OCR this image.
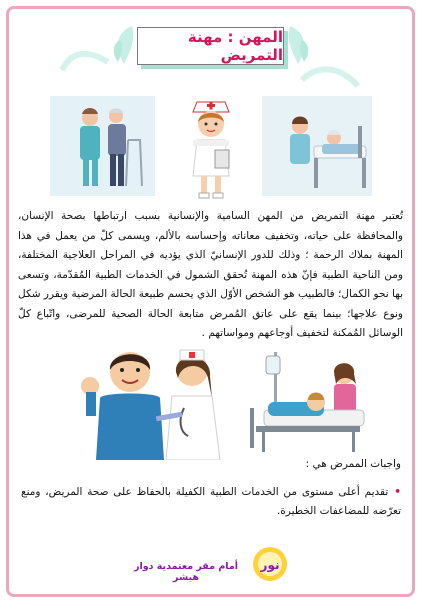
المهن : مهنة التمريض
تُعتبر مهنة التمريض من المهن السامية والإنسانية بسبب ارتباطها بصحة الإنسان، والمحافظة على حياته، وتخفيف معاناته وإحساسه بالألم، ويسمى كلّ من يعمل في هذا المهنة بملاك الرحمة ؛ وذلك للدور الإنسانيّ الذي يؤديه في المراحل العلاجية المختلفة، ومن الناحية الطبية فإنّ هذه المهنة تُحقق الشمول في الخدمات الطبية المُقدّمة، وتسعى بها نحو الكمال؛ فالطبيب هو الشخص الأوّل الذي يحسم طبيعة الحالة المرضية ويقرر شكل ونوع علاجها؛ بينما يقع على عاتق المُمرض متابعة الحالة الصحية للمرضى، واتّباع كلّ الوسائل المُمكنة لتخفيف أوجاعهم ومواساتهم .
واجبات الممرض هي :
•تقديم أعلى مستوى من الخدمات الطبية الكفيلة بالحفاظ على صحة المريض، ومنع تعرّضه للمضاعفات الخطيرة.
نور
أمام مقر معتمدية دوار هيشر
